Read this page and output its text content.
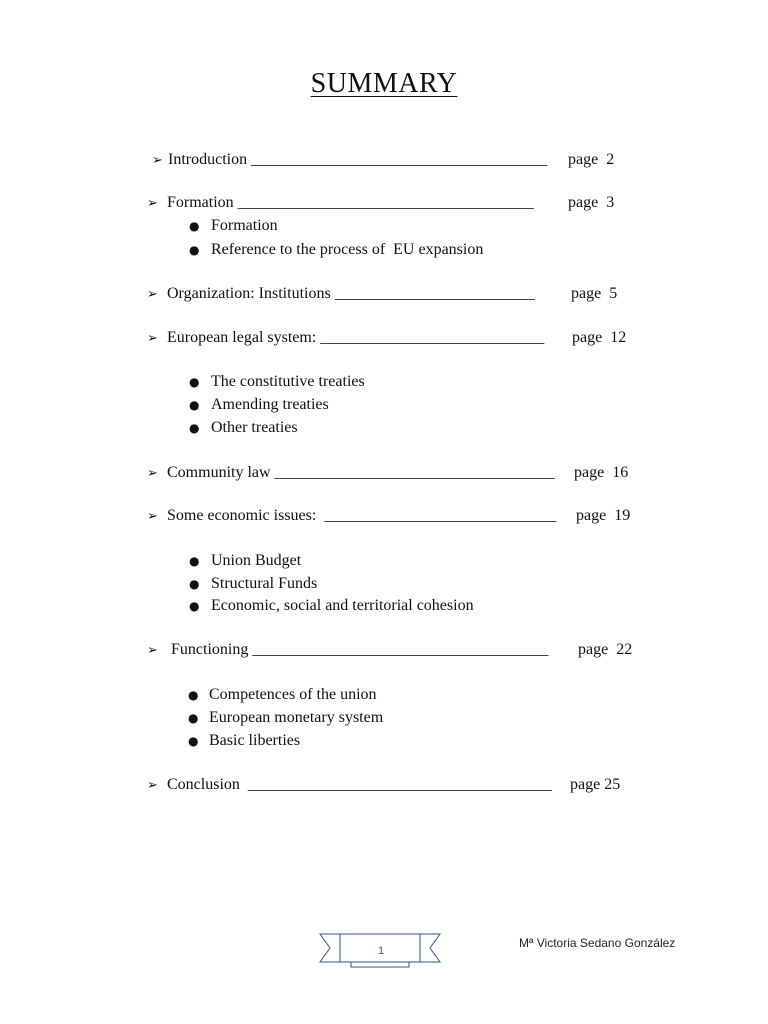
SUMMARY
➢ Introduction _____________________________________ page  2
➢ Formation _____________________________________ page  3
● Formation
● Reference to the process of  EU expansion
➢ Organization: Institutions _________________________ page  5
➢ European legal system: ____________________________ page  12
● The constitutive treaties
● Amending treaties
● Other treaties
➢ Community law ___________________________________ page  16
➢ Some economic issues:  _____________________________ page  19
● Union Budget
● Structural Funds
● Economic, social and territorial cohesion
➢ Functioning _____________________________________ page  22
● Competences of the union
● European monetary system
● Basic liberties
➢ Conclusion  ______________________________________ page 25
1
Mª Victoria Sedano González
